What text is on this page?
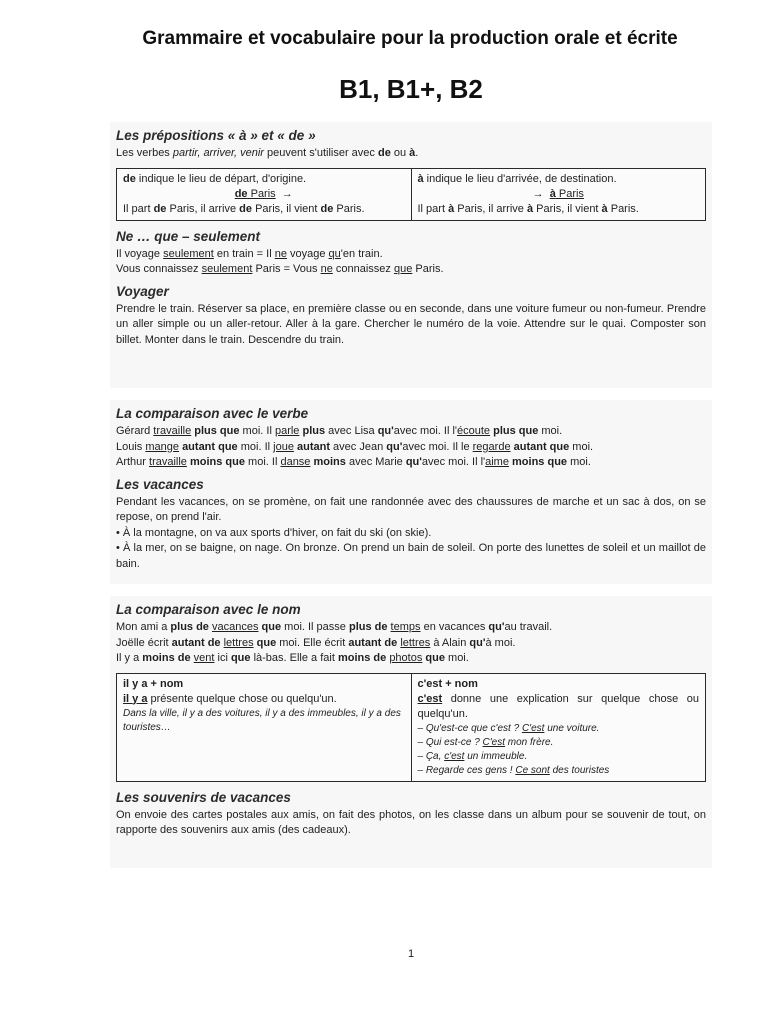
Grammaire et vocabulaire pour la production orale et écrite
B1, B1+, B2
Les prépositions « à » et « de »

Les verbes partir, arriver, venir peuvent s'utiliser avec de ou à.

de indique le lieu de départ, d'origine.
de Paris →
Il part de Paris, il arrive de Paris, il vient de Paris.
à indique le lieu d'arrivée, de destination.
→ à Paris
Il part à Paris, il arrive à Paris, il vient à Paris.
Ne … que – seulement

Il voyage seulement en train = Il ne voyage qu'en train.

Vous connaissez seulement Paris = Vous ne connaissez que Paris.

Voyager

Prendre le train. Réserver sa place, en première classe ou en seconde, dans une voiture fumeur ou non-fumeur. Prendre un aller simple ou un aller-retour. Aller à la gare. Chercher le numéro de la voie. Attendre sur le quai. Composter son billet. Monter dans le train. Descendre du train.

La comparaison avec le verbe

Gérard travaille plus que moi. Il parle plus avec Lisa qu'avec moi. Il l'écoute plus que moi.

Louis mange autant que moi. Il joue autant avec Jean qu'avec moi. Il le regarde autant que moi.

Arthur travaille moins que moi. Il danse moins avec Marie qu'avec moi. Il l'aime moins que moi.

Les vacances

Pendant les vacances, on se promène, on fait une randonnée avec des chaussures de marche et un sac à dos, on se repose, on prend l'air.

• À la montagne, on va aux sports d'hiver, on fait du ski (on skie).

• À la mer, on se baigne, on nage. On bronze. On prend un bain de soleil. On porte des lunettes de soleil et un maillot de bain.

La comparaison avec le nom

Mon ami a plus de vacances que moi. Il passe plus de temps en vacances qu'au travail.

Joëlle écrit autant de lettres que moi. Elle écrit autant de lettres à Alain qu'à moi.

Il y a moins de vent ici que là-bas. Elle a fait moins de photos que moi.

il y a + nom
il y a présente quelque chose ou quelqu'un.
Dans la ville, il y a des voitures, il y a des immeubles, il y a des touristes…
c'est + nom
c'est donne une explication sur quelque chose ou quelqu'un.
– Qu'est-ce que c'est ? C'est une voiture.
– Qui est-ce ? C'est mon frère.
– Ça, c'est un immeuble.
– Regarde ces gens ! Ce sont des touristes
Les souvenirs de vacances

On envoie des cartes postales aux amis, on fait des photos, on les classe dans un album pour se souvenir de tout, on rapporte des souvenirs aux amis (des cadeaux).

1
